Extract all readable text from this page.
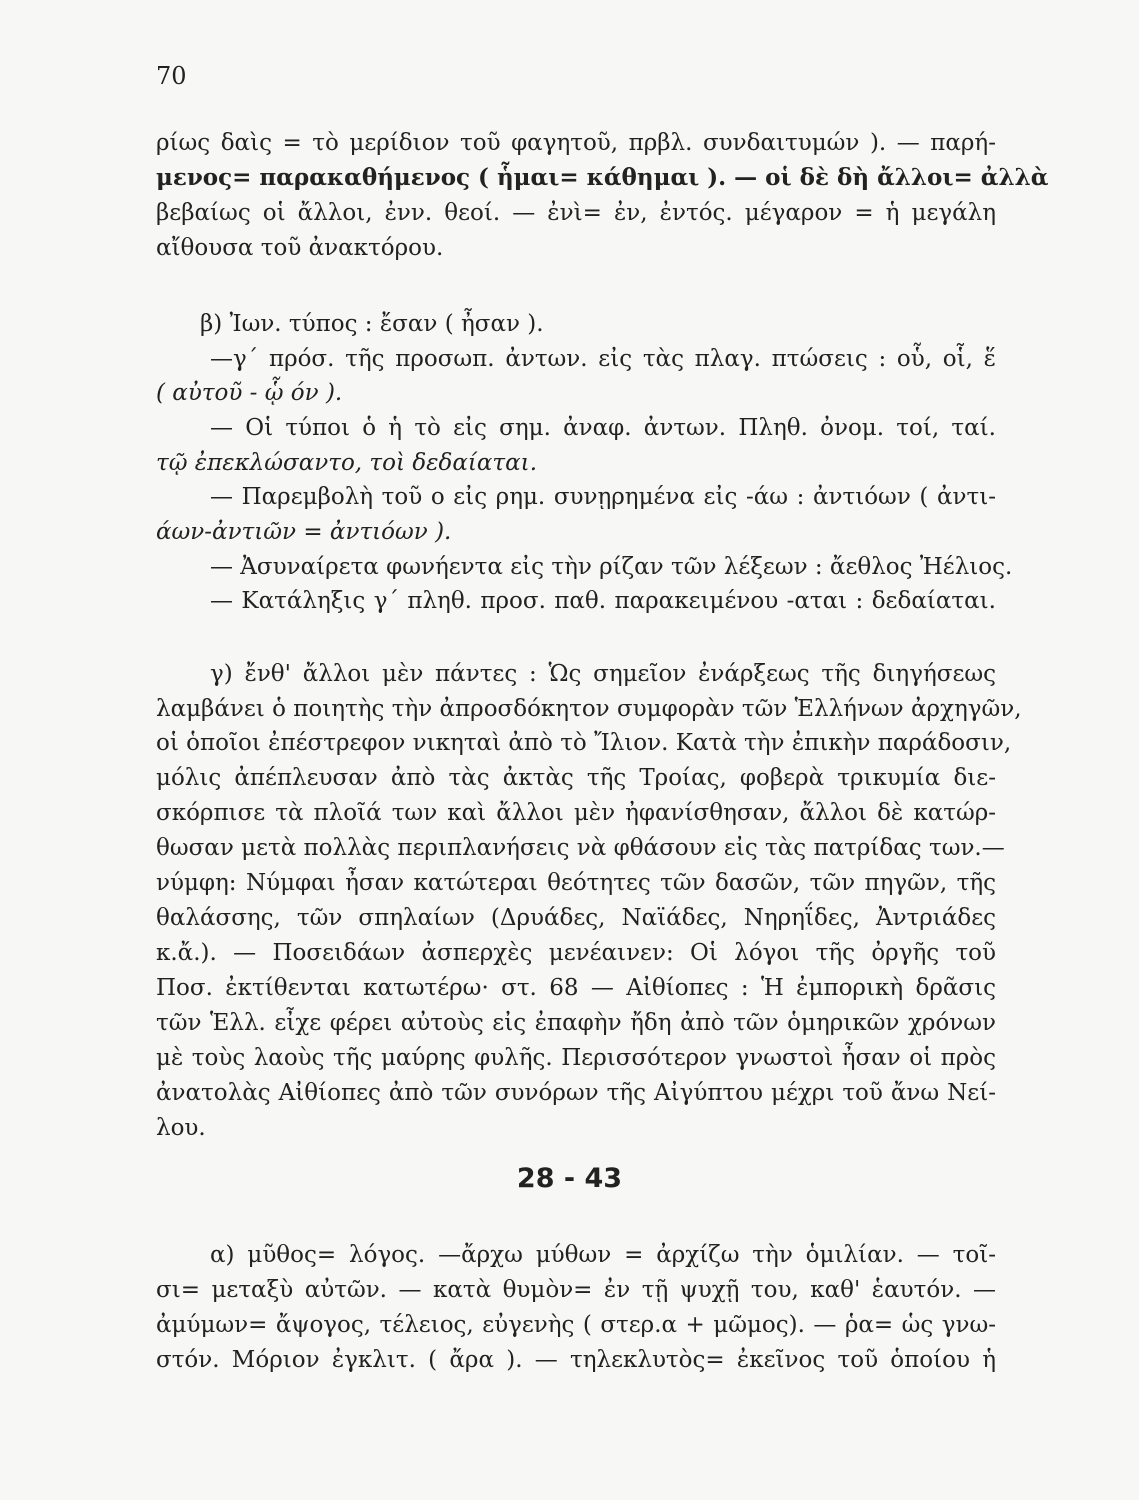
70
ρίως δαὶς = τὸ μερίδιον τοῦ φαγητοῦ, πρβλ. συνδαιτυμών ). — παρή-
μενος= παρακαθήμενος ( ἧμαι= κάθημαι ). — οἱ δὲ δὴ ἄλλοι= ἀλλὰ
βεβαίως οἱ ἄλλοι, ἐνν. θεοί. — ἐνὶ= ἐν, ἐντός. μέγαρον = ἡ μεγάλη
αἴθουσα τοῦ ἀνακτόρου.
β) Ἰων. τύπος : ἔσαν ( ἦσαν ).
—γ´ πρόσ. τῆς προσωπ. ἀντων. εἰς τὰς πλαγ. πτώσεις : οὗ, οἷ, ἕ
( αὐτοῦ - ᾧ όν ).
— Οἱ τύποι ὁ ἡ τὸ εἰς σημ. ἀναφ. ἀντων. Πληθ. ὀνομ. τοί, ταί.
τῷ ἐπεκλώσαντο, τοὶ δεδαίαται.
— Παρεμβολὴ τοῦ ο εἰς ρημ. συνῃρημένα εἰς -άω : ἀντιόων ( ἀντι-
άων-ἀντιῶν = ἀντιόων ).
— Ἀσυναίρετα φωνήεντα εἰς τὴν ρίζαν τῶν λέξεων : ἄεθλος Ἠέλιος.
— Κατάληξις γ´ πληθ. προσ. παθ. παρακειμένου -αται : δεδαίαται.
γ) ἔνθ' ἄλλοι μὲν πάντες : Ὡς σημεῖον ἐνάρξεως τῆς διηγήσεως
λαμβάνει ὁ ποιητὴς τὴν ἀπροσδόκητον συμφορὰν τῶν Ἑλλήνων ἀρχηγῶν,
οἱ ὁποῖοι ἐπέστρεφον νικηταὶ ἀπὸ τὸ Ἴλιον. Κατὰ τὴν ἐπικὴν παράδοσιν,
μόλις ἀπέπλευσαν ἀπὸ τὰς ἀκτὰς τῆς Τροίας, φοβερὰ τρικυμία διε-
σκόρπισε τὰ πλοῖά των καὶ ἄλλοι μὲν ἠφανίσθησαν, ἄλλοι δὲ κατώρ-
θωσαν μετὰ πολλὰς περιπλανήσεις νὰ φθάσουν εἰς τὰς πατρίδας των.—
νύμφη: Νύμφαι ἦσαν κατώτεραι θεότητες τῶν δασῶν, τῶν πηγῶν, τῆς
θαλάσσης, τῶν σπηλαίων (Δρυάδες, Ναϊάδες, Νηρηΐδες, Ἀντριάδες
κ.ἄ.). — Ποσειδάων ἀσπερχὲς μενέαινεν: Οἱ λόγοι τῆς ὀργῆς τοῦ
Ποσ. ἐκτίθενται κατωτέρω· στ. 68 — Αἰθίοπες : Ἡ ἐμπορικὴ δρᾶσις
τῶν Ἑλλ. εἶχε φέρει αὐτοὺς εἰς ἐπαφὴν ἤδη ἀπὸ τῶν ὁμηρικῶν χρόνων
μὲ τοὺς λαοὺς τῆς μαύρης φυλῆς. Περισσότερον γνωστοὶ ἦσαν οἱ πρὸς
ἀνατολὰς Αἰθίοπες ἀπὸ τῶν συνόρων τῆς Αἰγύπτου μέχρι τοῦ ἄνω Νεί-
λου.
28 - 43
α) μῦθος= λόγος. —ἄρχω μύθων = ἀρχίζω τὴν ὁμιλίαν. — τοῖ-
σι= μεταξὺ αὐτῶν. — κατὰ θυμὸν= ἐν τῇ ψυχῇ του, καθ' ἑαυτόν. —
ἀμύμων= ἄψογος, τέλειος, εὐγενὴς ( στερ.α + μῶμος). — ῥα= ὡς γνω-
στόν. Μόριον ἐγκλιτ. ( ἄρα ). — τηλεκλυτὸς= ἐκεῖνος τοῦ ὁποίου ἡ
